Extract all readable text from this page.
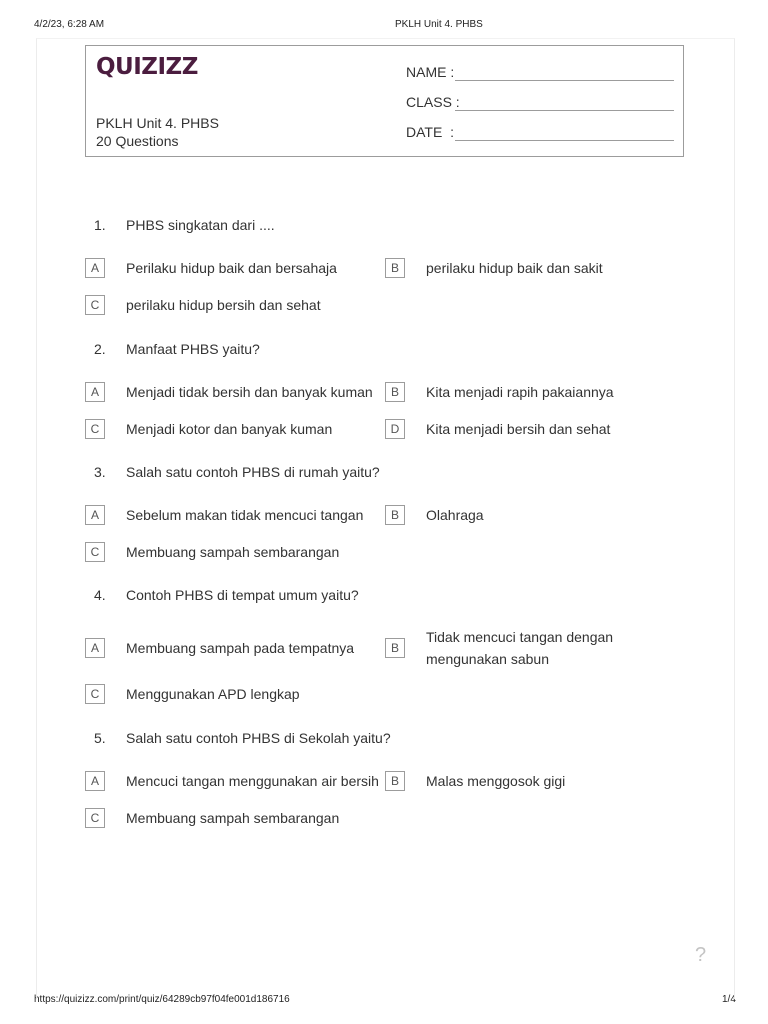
4/2/23, 6:28 AM	PKLH Unit 4. PHBS
https://quizizz.com/print/quiz/64289cb97f04fe001d186716	1/4
QUIZIZZ
PKLH Unit 4. PHBS
20 Questions
NAME :
CLASS :
DATE  :
1. PHBS singkatan dari ....
A	Perilaku hidup baik dan bersahaja	B	perilaku hidup baik dan sakit
C	perilaku hidup bersih dan sehat
2. Manfaat PHBS yaitu?
A	Menjadi tidak bersih dan banyak kuman	B	Kita menjadi rapih pakaiannya
C	Menjadi kotor dan banyak kuman	D	Kita menjadi bersih dan sehat
3. Salah satu contoh PHBS di rumah yaitu?
A	Sebelum makan tidak mencuci tangan	B	Olahraga
C	Membuang sampah sembarangan
4. Contoh PHBS di tempat umum yaitu?
A	Membuang sampah pada tempatnya	B
Tidak mencuci tangan dengan
mengunakan sabun
C	Menggunakan APD lengkap
5. Salah satu contoh PHBS di Sekolah yaitu?
A	Mencuci tangan menggunakan air bersih	B	Malas menggosok gigi
C	Membuang sampah sembarangan
?
